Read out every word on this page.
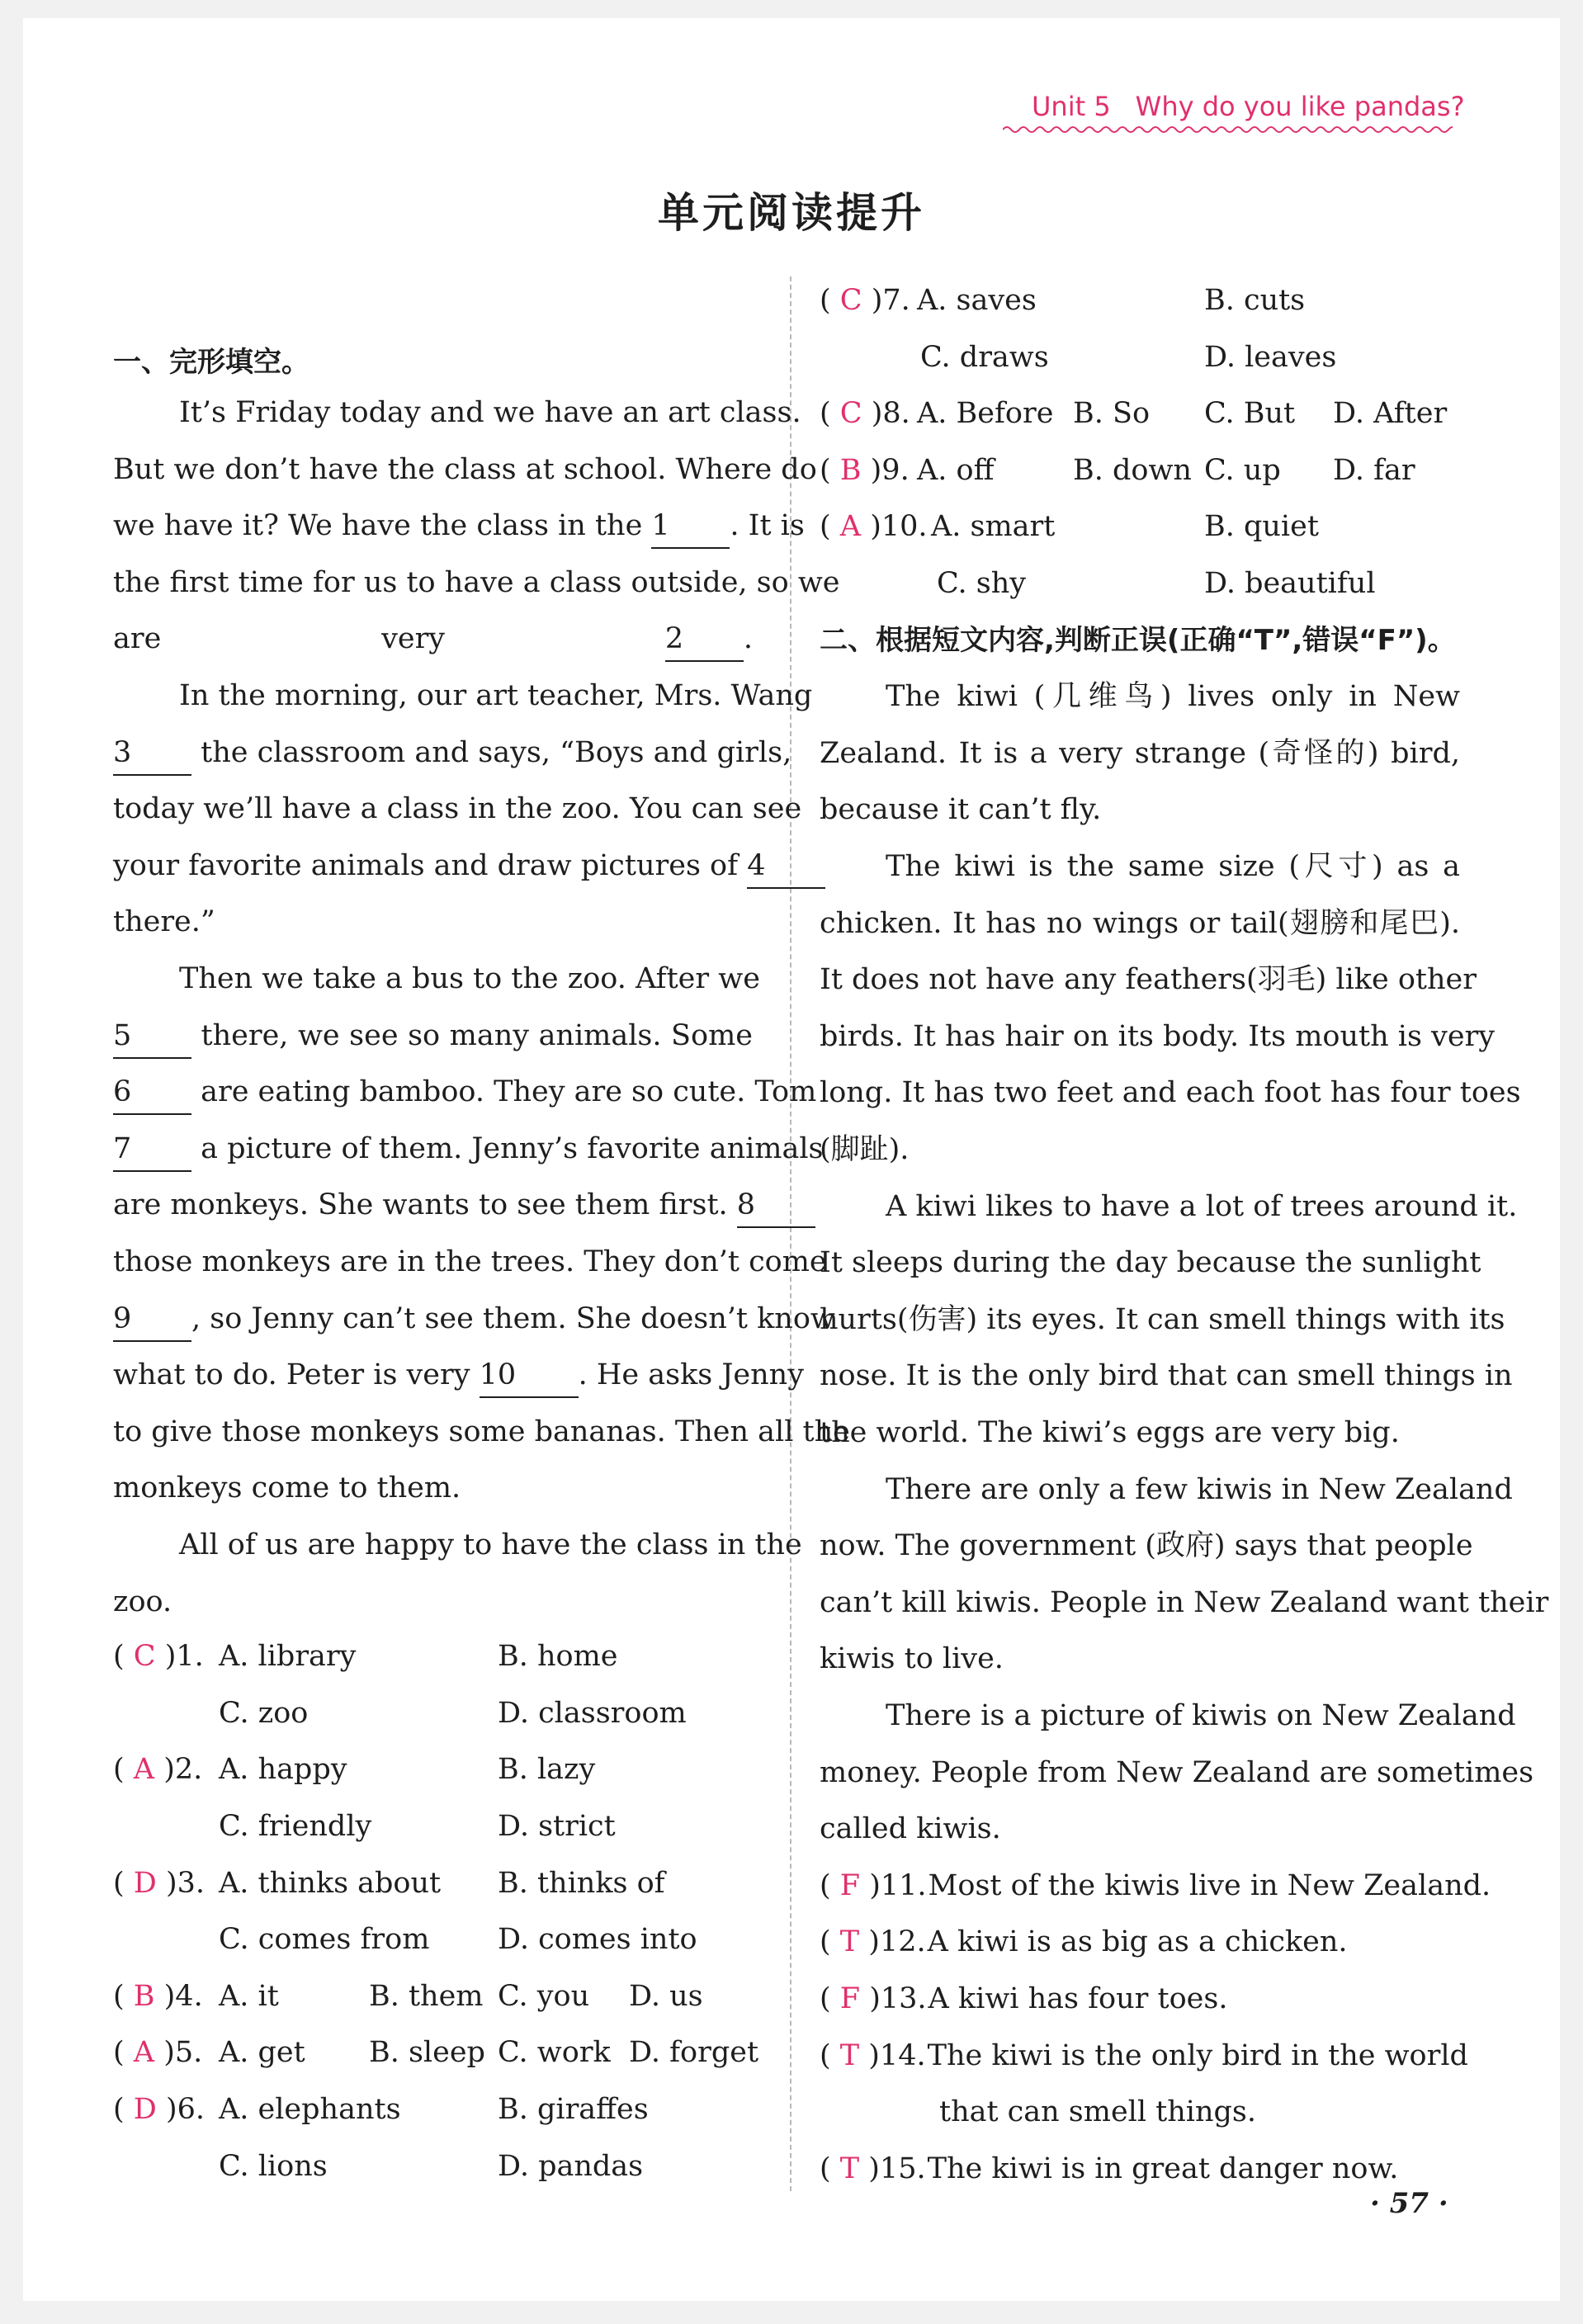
Unit 5 Why do you like pandas?
单元阅读提升
一、完形填空。
It’s Friday today and we have an art class.
But we don’t have the class at school. Where do
we have it? We have the class in the 1 . It is
the first time for us to have a class outside, so we
are very 2 .
In the morning, our art teacher, Mrs. Wang
3 the classroom and says, “Boys and girls,
today we’ll have a class in the zoo. You can see
your favorite animals and draw pictures of 4
there.”
Then we take a bus to the zoo. After we
5 there, we see so many animals. Some
6 are eating bamboo. They are so cute. Tom
7 a picture of them. Jenny’s favorite animals
are monkeys. She wants to see them first. 8
those monkeys are in the trees. They don’t come
9 , so Jenny can’t see them. She doesn’t know
what to do. Peter is very 10 . He asks Jenny
to give those monkeys some bananas. Then all the
monkeys come to them.
All of us are happy to have the class in the
zoo.
( C )1. A. library	B. home
C. zoo	D. classroom
( A )2. A. happy	B. lazy
C. friendly	D. strict
( D )3. A. thinks about B. thinks of
C. comes from D. comes into
( B )4. A. it	B. them C. you D. us
( A )5. A. get B. sleep C. work D. forget
( D )6. A. elephants	B. giraffes
C. lions	D. pandas
( C )7. A. saves	B. cuts
C. draws	D. leaves
( C )8. A. Before B. So C. But D. After
( B )9. A. off	B. down C. up D. far
( A )10. A. smart	B. quiet
C. shy	D. beautiful
二、根据短文内容,判断正误(正确“T”,错误“F”)。
The kiwi (几维鸟) lives only in New
Zealand. It is a very strange (奇怪的) bird,
because it can’t fly.
The kiwi is the same size (尺寸) as a
chicken. It has no wings or tail(翅膀和尾巴).
It does not have any feathers(羽毛) like other
birds. It has hair on its body. Its mouth is very
long. It has two feet and each foot has four toes
(脚趾).
A kiwi likes to have a lot of trees around it.
It sleeps during the day because the sunlight
hurts(伤害) its eyes. It can smell things with its
nose. It is the only bird that can smell things in
the world. The kiwi’s eggs are very big.
There are only a few kiwis in New Zealand
now. The government (政府) says that people
can’t kill kiwis. People in New Zealand want their
kiwis to live.
There is a picture of kiwis on New Zealand
money. People from New Zealand are sometimes
called kiwis.
( F )11.Most of the kiwis live in New Zealand.
( T )12.A kiwi is as big as a chicken.
( F )13.A kiwi has four toes.
( T )14.The kiwi is the only bird in the world
that can smell things.
( T )15.The kiwi is in great danger now.
· 57 ·
